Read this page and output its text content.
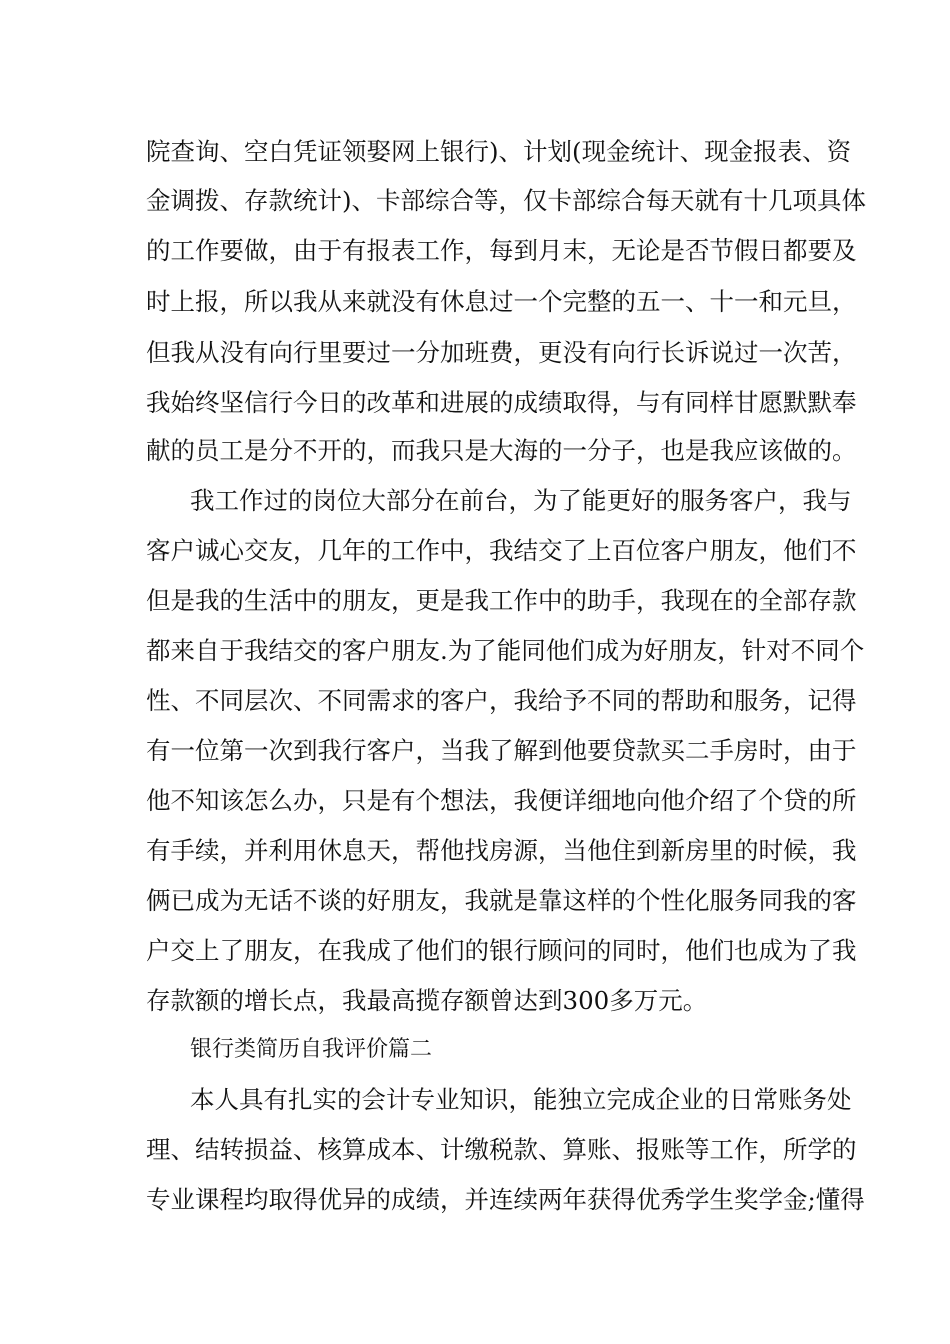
院查询、空白凭证领娶网上银行)、计划(现金统计、现金报表、资
金调拨、存款统计)、卡部综合等，仅卡部综合每天就有十几项具体
的工作要做，由于有报表工作，每到月末，无论是否节假日都要及
时上报，所以我从来就没有休息过一个完整的五一、十一和元旦，
但我从没有向行里要过一分加班费，更没有向行长诉说过一次苦，
我始终坚信行今日的改革和进展的成绩取得，与有同样甘愿默默奉
献的员工是分不开的，而我只是大海的一分子，也是我应该做的。
我工作过的岗位大部分在前台，为了能更好的服务客户，我与
客户诚心交友，几年的工作中，我结交了上百位客户朋友，他们不
但是我的生活中的朋友，更是我工作中的助手，我现在的全部存款
都来自于我结交的客户朋友.为了能同他们成为好朋友，针对不同个
性、不同层次、不同需求的客户，我给予不同的帮助和服务，记得
有一位第一次到我行客户，当我了解到他要贷款买二手房时，由于
他不知该怎么办，只是有个想法，我便详细地向他介绍了个贷的所
有手续，并利用休息天，帮他找房源，当他住到新房里的时候，我
俩已成为无话不谈的好朋友，我就是靠这样的个性化服务同我的客
户交上了朋友，在我成了他们的银行顾问的同时，他们也成为了我
存款额的增长点，我最高揽存额曾达到300多万元。
银行类简历自我评价篇二
本人具有扎实的会计专业知识，能独立完成企业的日常账务处
理、结转损益、核算成本、计缴税款、算账、报账等工作，所学的
专业课程均取得优异的成绩，并连续两年获得优秀学生奖学金;懂得
